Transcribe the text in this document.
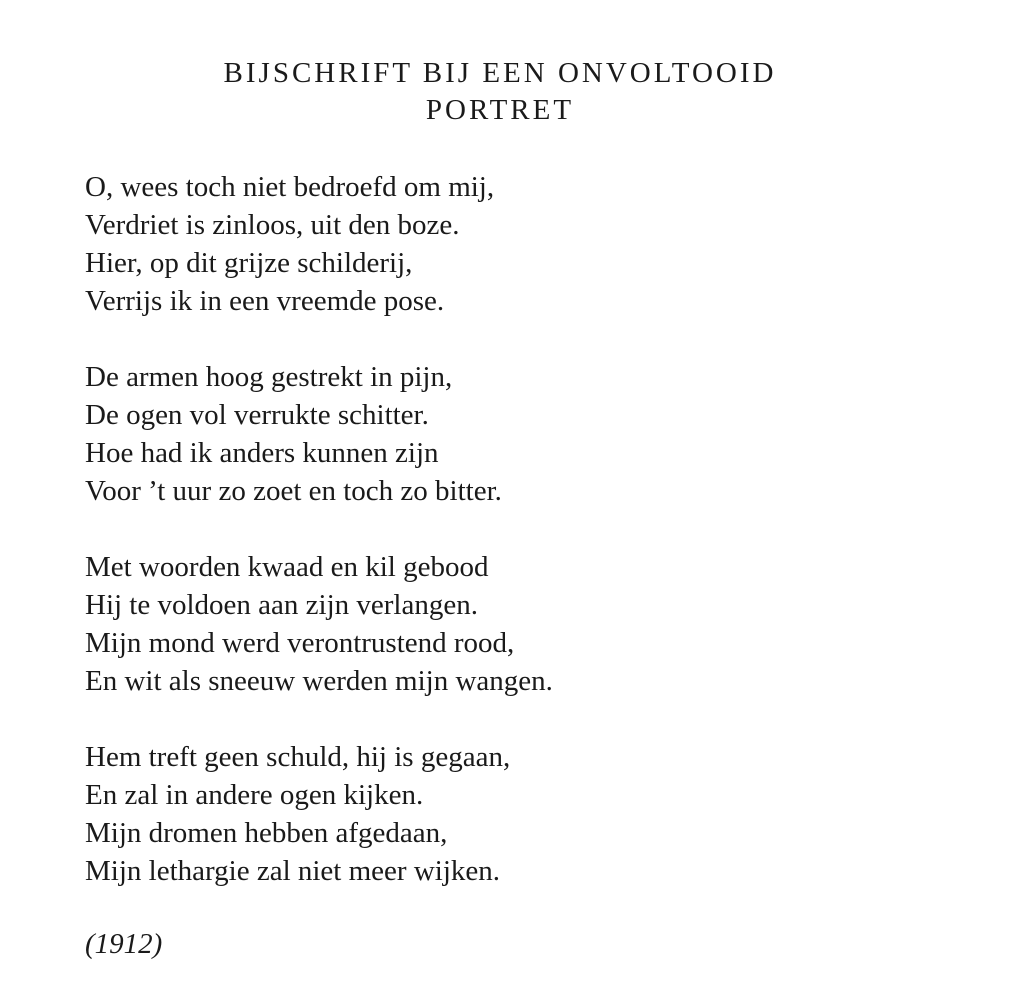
BIJSCHRIFT BIJ EEN ONVOLTOOID
PORTRET
O, wees toch niet bedroefd om mij,
Verdriet is zinloos, uit den boze.
Hier, op dit grijze schilderij,
Verrijs ik in een vreemde pose.
De armen hoog gestrekt in pijn,
De ogen vol verrukte schitter.
Hoe had ik anders kunnen zijn
Voor ’t uur zo zoet en toch zo bitter.
Met woorden kwaad en kil gebood
Hij te voldoen aan zijn verlangen.
Mijn mond werd verontrustend rood,
En wit als sneeuw werden mijn wangen.
Hem treft geen schuld, hij is gegaan,
En zal in andere ogen kijken.
Mijn dromen hebben afgedaan,
Mijn lethargie zal niet meer wijken.
(1912)
